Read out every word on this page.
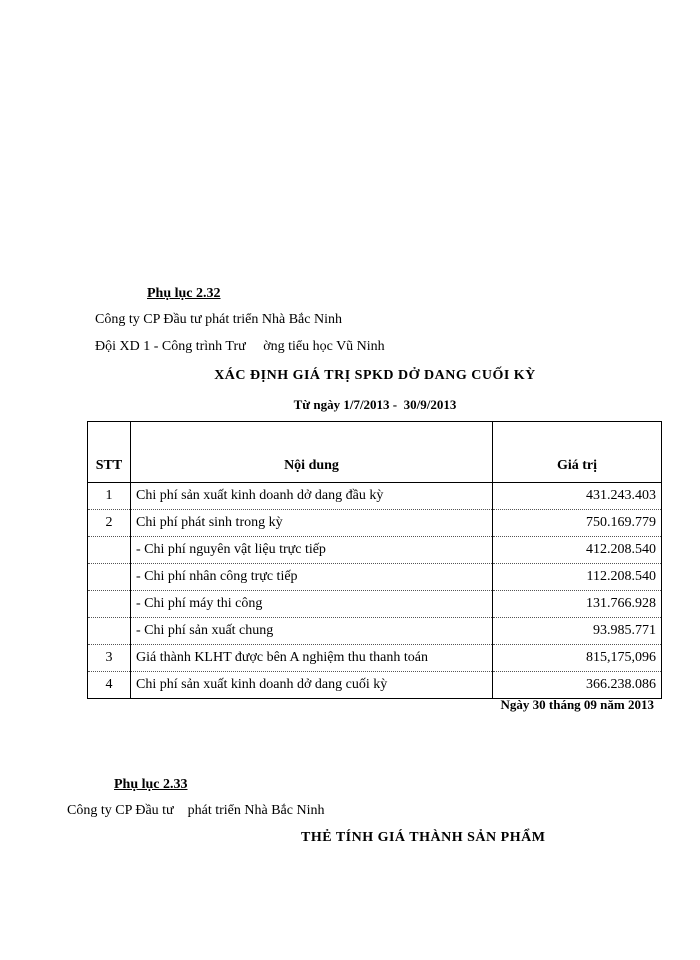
Phụ lục 2.32
Công ty CP Đầu tư phát triển Nhà Bắc Ninh
Đội XD 1 - Công trình Trư     ờng tiểu học Vũ Ninh
XÁC ĐỊNH GIÁ TRỊ SPKD DỞ DANG CUỐI KỲ
Từ ngày 1/7/2013 -  30/9/2013
STT	Nội dung	Giá trị
1	Chi phí sản xuất kinh doanh dở dang đầu kỳ	431.243.403
2	Chi phí phát sinh trong kỳ	750.169.779
	- Chi phí nguyên vật liệu trực tiếp	412.208.540
	- Chi phí nhân công trực tiếp	112.208.540
	- Chi phí máy thi công	131.766.928
	- Chi phí sản xuất chung	93.985.771
3	Giá thành KLHT được bên A nghiệm thu thanh toán	815,175,096
4	Chi phí sản xuất kinh doanh dở dang cuối kỳ	366.238.086
Ngày 30 tháng 09 năm 2013
Phụ lục 2.33
Công ty CP Đầu tư    phát triển Nhà Bắc Ninh
THẺ TÍNH GIÁ THÀNH SẢN PHẨM
